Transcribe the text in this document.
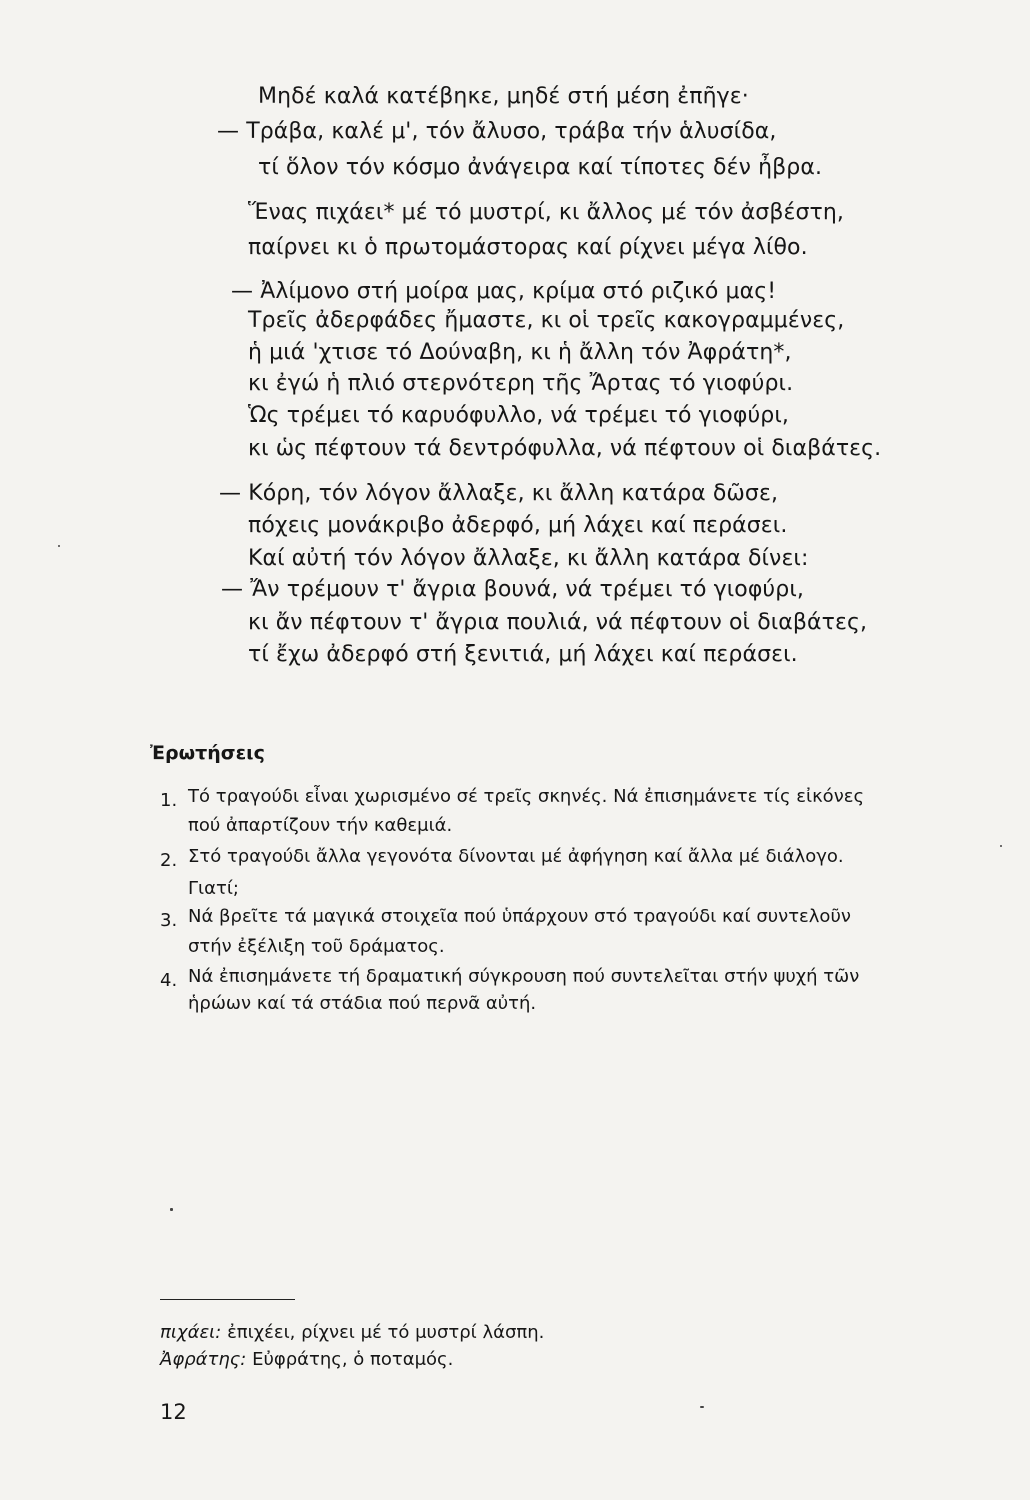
Μηδέ καλά κατέβηκε, μηδέ στή μέση ἐπῆγε·
— Τράβα, καλέ μ', τόν ἄλυσο, τράβα τήν ἁλυσίδα,
τί ὅλον τόν κόσμο ἀνάγειρα καί τίποτες δέν ἦβρα.
Ἕνας πιχάει* μέ τό μυστρί, κι ἄλλος μέ τόν ἀσβέστη,
παίρνει κι ὁ πρωτομάστορας καί ρίχνει μέγα λίθο.
— Ἀλίμονο στή μοίρα μας, κρίμα στό ριζικό μας!
Τρεῖς ἀδερφάδες ἤμαστε, κι οἱ τρεῖς κακογραμμένες,
ἡ μιά 'χτισε τό Δούναβη, κι ἡ ἄλλη τόν Ἀφράτη*,
κι ἐγώ ἡ πλιό στερνότερη τῆς Ἄρτας τό γιοφύρι.
Ὡς τρέμει τό καρυόφυλλο, νά τρέμει τό γιοφύρι,
κι ὡς πέφτουν τά δεντρόφυλλα, νά πέφτουν οἱ διαβάτες.
— Κόρη, τόν λόγον ἄλλαξε, κι ἄλλη κατάρα δῶσε,
πόχεις μονάκριβο ἀδερφό, μή λάχει καί περάσει.
Καί αὐτή τόν λόγον ἄλλαξε, κι ἄλλη κατάρα δίνει:
— Ἄν τρέμουν τ' ἄγρια βουνά, νά τρέμει τό γιοφύρι,
κι ἄν πέφτουν τ' ἄγρια πουλιά, νά πέφτουν οἱ διαβάτες,
τί ἔχω ἀδερφό στή ξενιτιά, μή λάχει καί περάσει.
Ἐρωτήσεις
1. Τό τραγούδι εἶναι χωρισμένο σέ τρεῖς σκηνές. Νά ἐπισημάνετε τίς εἰκόνες
πού ἀπαρτίζουν τήν καθεμιά.
2. Στό τραγούδι ἄλλα γεγονότα δίνονται μέ ἀφήγηση καί ἄλλα μέ διάλογο.
Γιατί;
3. Νά βρεῖτε τά μαγικά στοιχεῖα πού ὑπάρχουν στό τραγούδι καί συντελοῦν
στήν ἐξέλιξη τοῦ δράματος.
4. Νά ἐπισημάνετε τή δραματική σύγκρουση πού συντελεῖται στήν ψυχή τῶν
ἡρώων καί τά στάδια πού περνᾶ αὐτή.
πιχάει: ἐπιχέει, ρίχνει μέ τό μυστρί λάσπη.
Ἀφράτης: Εὐφράτης, ὁ ποταμός.
12
